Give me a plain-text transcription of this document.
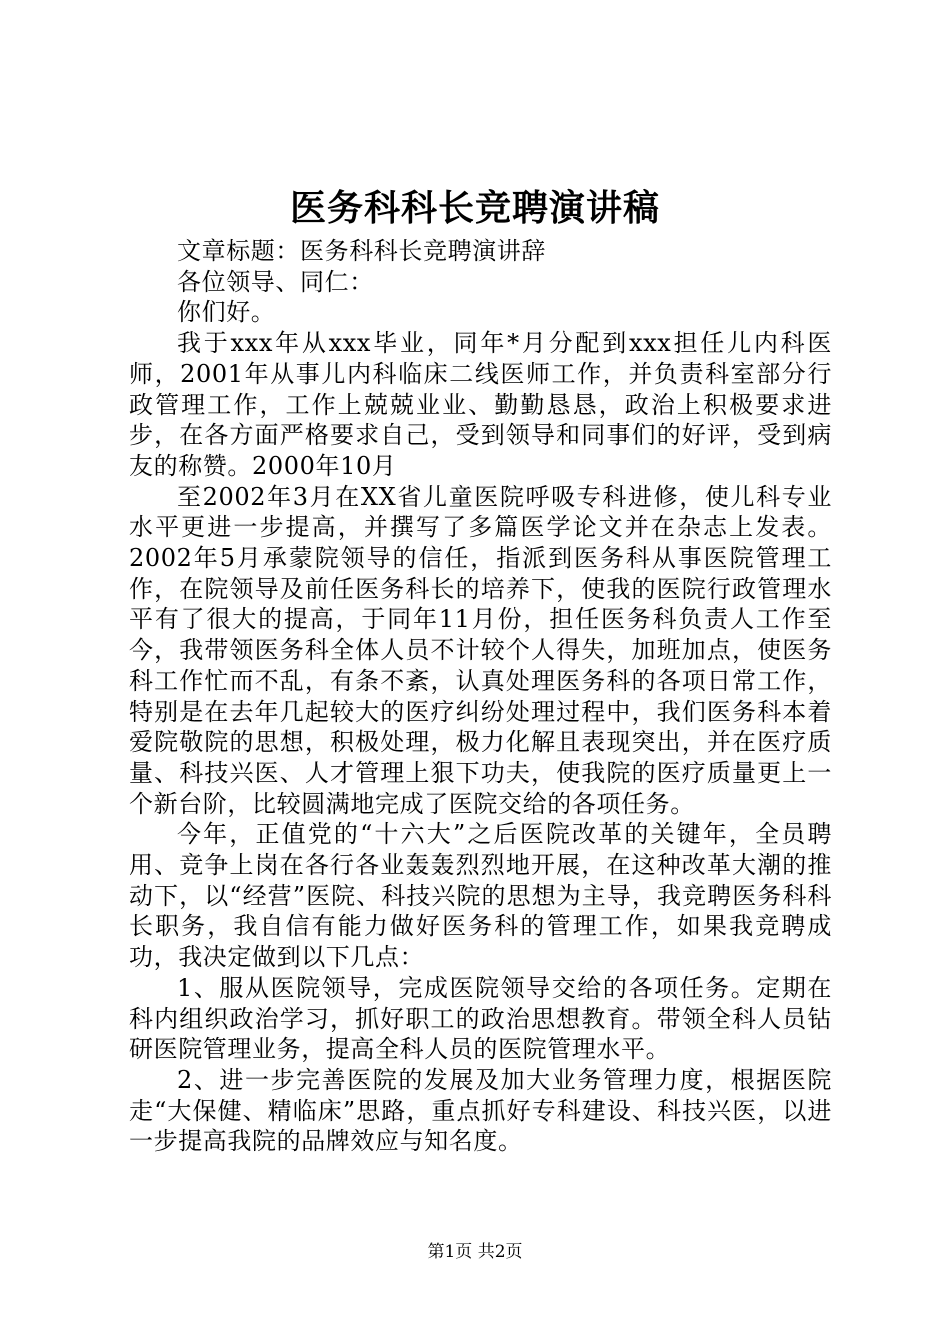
医务科科长竞聘演讲稿

文章标题：医务科科长竞聘演讲辞

各位领导、同仁：

你们好。

我于xxx年从xxx毕业，同年*月分配到xxx担任儿内科医师，2001年从事儿内科临床二线医师工作，并负责科室部分行政管理工作，工作上兢兢业业、勤勤恳恳，政治上积极要求进步，在各方面严格要求自己，受到领导和同事们的好评，受到病友的称赞。2000年10月

至2002年3月在XX省儿童医院呼吸专科进修，使儿科专业水平更进一步提高，并撰写了多篇医学论文并在杂志上发表。2002年5月承蒙院领导的信任，指派到医务科从事医院管理工作，在院领导及前任医务科长的培养下，使我的医院行政管理水平有了很大的提高，于同年11月份，担任医务科负责人工作至今，我带领医务科全体人员不计较个人得失，加班加点，使医务科工作忙而不乱，有条不紊，认真处理医务科的各项日常工作，特别是在去年几起较大的医疗纠纷处理过程中，我们医务科本着爱院敬院的思想，积极处理，极力化解且表现突出，并在医疗质量、科技兴医、人才管理上狠下功夫，使我院的医疗质量更上一个新台阶，比较圆满地完成了医院交给的各项任务。

今年，正值党的“十六大”之后医院改革的关键年，全员聘用、竞争上岗在各行各业轰轰烈烈地开展，在这种改革大潮的推动下，以“经营”医院、科技兴院的思想为主导，我竞聘医务科科长职务，我自信有能力做好医务科的管理工作，如果我竞聘成功，我决定做到以下几点：

1、服从医院领导，完成医院领导交给的各项任务。定期在科内组织政治学习，抓好职工的政治思想教育。带领全科人员钻研医院管理业务，提高全科人员的医院管理水平。

2、进一步完善医院的发展及加大业务管理力度，根据医院走“大保健、精临床”思路，重点抓好专科建设、科技兴医，以进一步提高我院的品牌效应与知名度。

第1页 共2页
